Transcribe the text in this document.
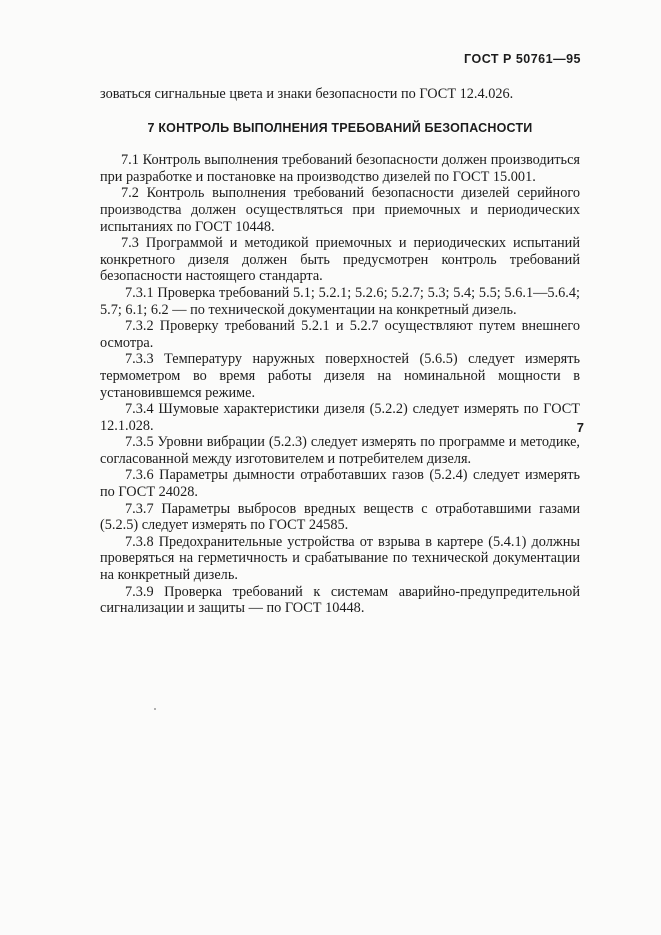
ГОСТ Р 50761—95

зоваться сигнальные цвета и знаки безопасности по ГОСТ 12.4.026.

7 КОНТРОЛЬ ВЫПОЛНЕНИЯ ТРЕБОВАНИЙ БЕЗОПАСНОСТИ

7.1 Контроль выполнения требований безопасности должен производиться при разработке и постановке на производство дизелей по ГОСТ 15.001.

7.2 Контроль выполнения требований безопасности дизелей серийного производства должен осуществляться при приемочных и периодических испытаниях по ГОСТ 10448.

7.3 Программой и методикой приемочных и периодических испытаний конкретного дизеля должен быть предусмотрен контроль требований безопасности настоящего стандарта.

7.3.1 Проверка требований 5.1; 5.2.1; 5.2.6; 5.2.7; 5.3; 5.4; 5.5; 5.6.1—5.6.4; 5.7; 6.1; 6.2 — по технической документации на конкретный дизель.

7.3.2 Проверку требований 5.2.1 и 5.2.7 осуществляют путем внешнего осмотра.

7.3.3 Температуру наружных поверхностей (5.6.5) следует измерять термометром во время работы дизеля на номинальной мощности в установившемся режиме.

7.3.4 Шумовые характеристики дизеля (5.2.2) следует измерять по ГОСТ 12.1.028.

7.3.5 Уровни вибрации (5.2.3) следует измерять по программе и методике, согласованной между изготовителем и потребителем дизеля.

7.3.6 Параметры дымности отработавших газов (5.2.4) следует измерять по ГОСТ 24028.

7.3.7 Параметры выбросов вредных веществ с отработавшими газами (5.2.5) следует измерять по ГОСТ 24585.

7.3.8 Предохранительные устройства от взрыва в картере (5.4.1) должны проверяться на герметичность и срабатывание по технической документации на конкретный дизель.

7.3.9 Проверка требований к системам аварийно-предупредительной сигнализации и защиты — по ГОСТ 10448.

7
